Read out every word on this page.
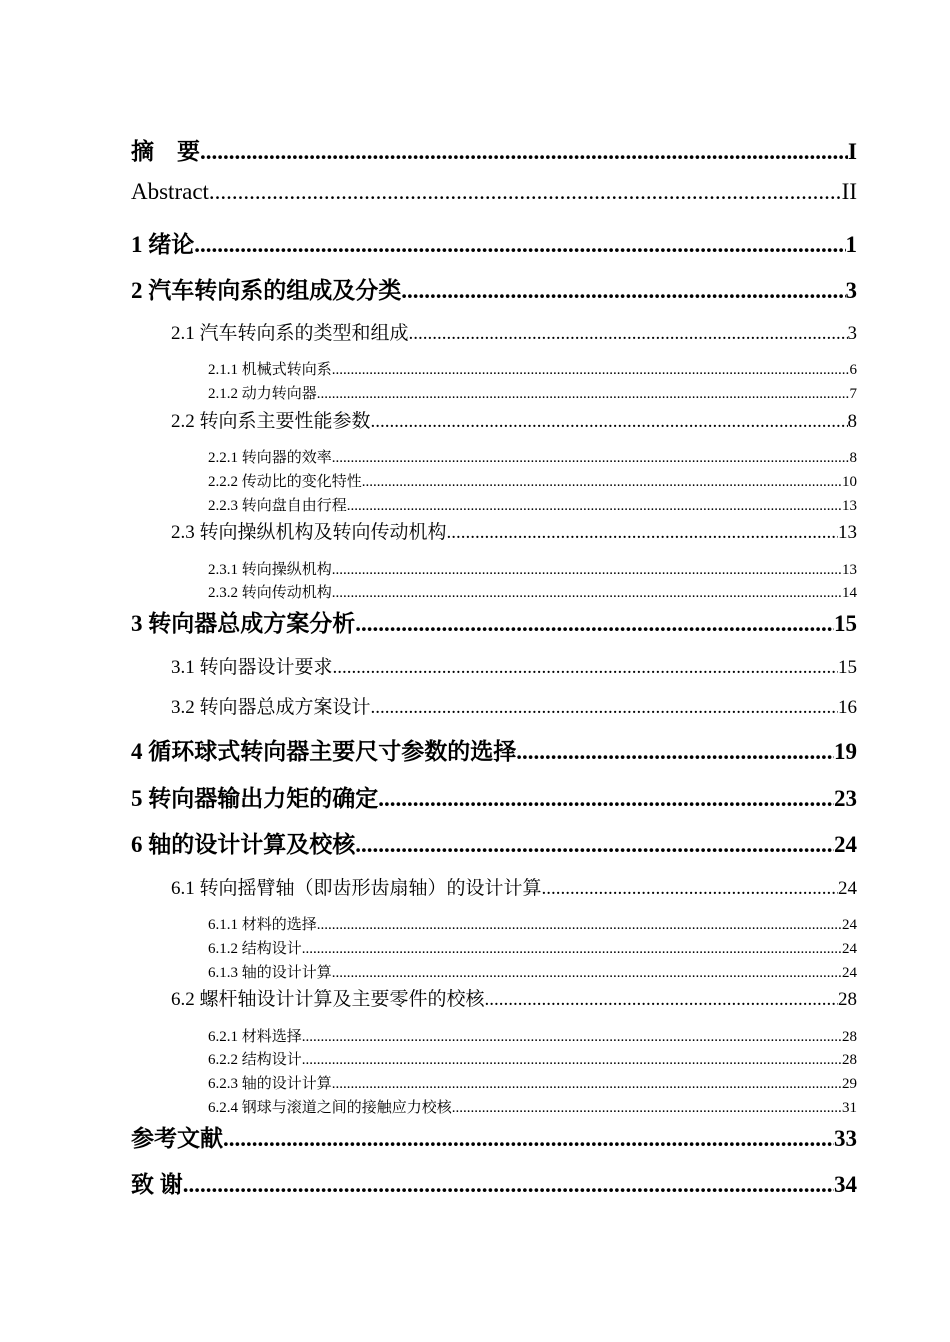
摘　要 .....	I
Abstract .....	II
1 绪论 .....	1
2 汽车转向系的组成及分类 .....	3
2.1 汽车转向系的类型和组成 .....	3
2.1.1 机械式转向系 .....	6
2.1.2 动力转向器 .....	7
2.2 转向系主要性能参数 .....	8
2.2.1 转向器的效率 .....	8
2.2.2 传动比的变化特性 .....	10
2.2.3 转向盘自由行程 .....	13
2.3 转向操纵机构及转向传动机构 .....	13
2.3.1 转向操纵机构 .....	13
2.3.2 转向传动机构 .....	14
3 转向器总成方案分析 .....	15
3.1 转向器设计要求 .....	15
3.2 转向器总成方案设计 .....	16
4 循环球式转向器主要尺寸参数的选择 .....	19
5 转向器输出力矩的确定 .....	23
6 轴的设计计算及校核 .....	24
6.1 转向摇臂轴（即齿形齿扇轴）的设计计算 .....	24
6.1.1 材料的选择 .....	24
6.1.2 结构设计 .....	24
6.1.3 轴的设计计算 .....	24
6.2 螺杆轴设计计算及主要零件的校核 .....	28
6.2.1 材料选择 .....	28
6.2.2 结构设计 .....	28
6.2.3 轴的设计计算 .....	29
6.2.4 钢球与滚道之间的接触应力校核 .....	31
参考文献 .....	33
致 谢 .....	34
